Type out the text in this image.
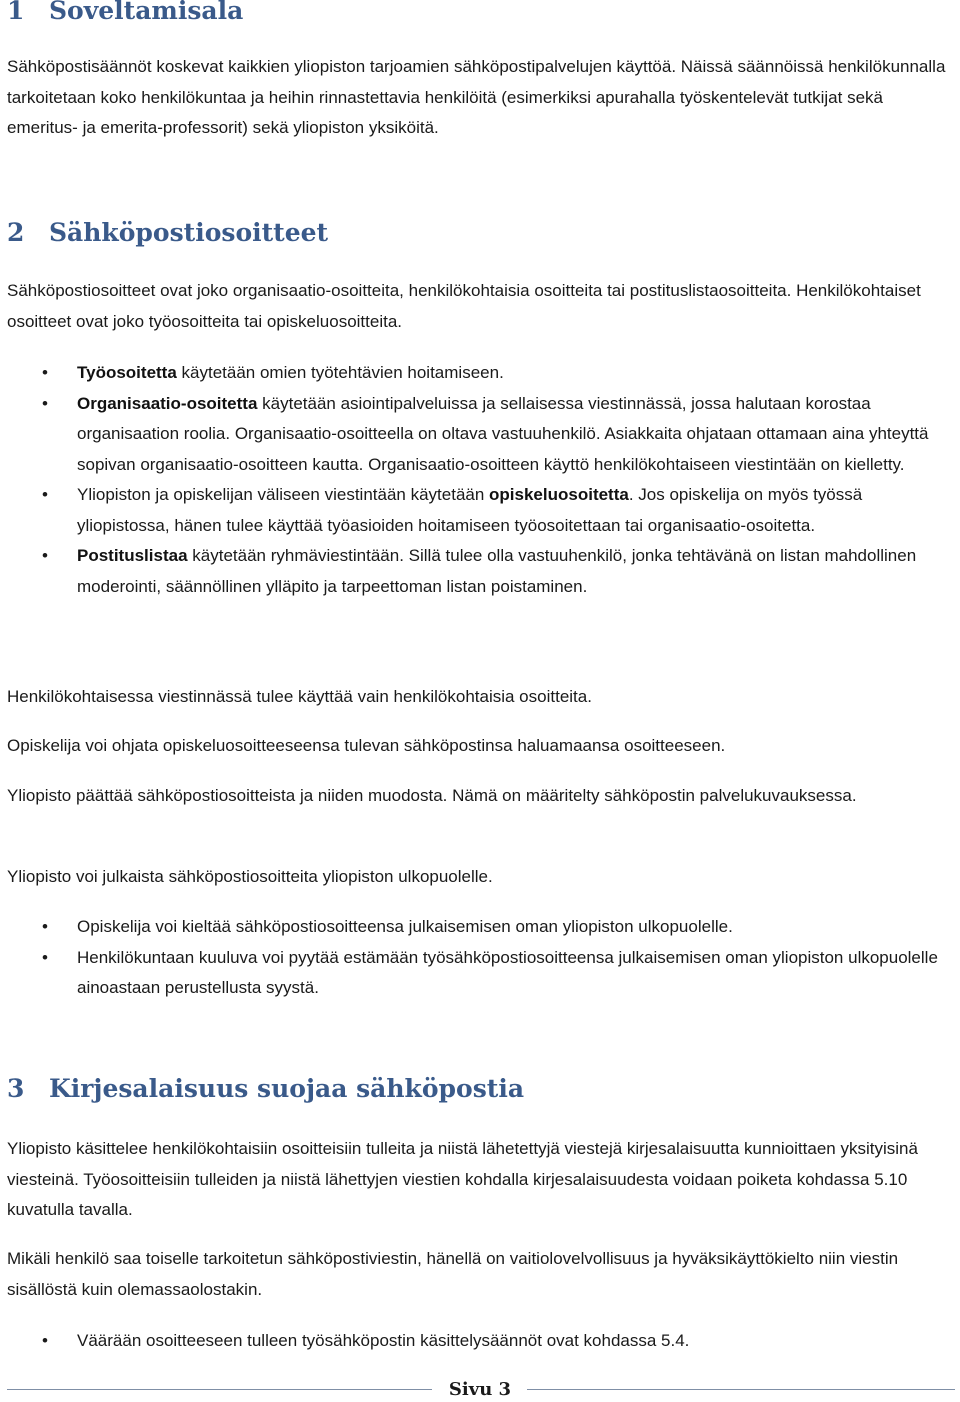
1 Soveltamisala

Sähköpostisäännöt koskevat kaikkien yliopiston tarjoamien sähköpostipalvelujen käyttöä. Näissä säännöissä henkilökunnalla tarkoitetaan koko henkilökuntaa ja heihin rinnastettavia henkilöitä (esimerkiksi apurahalla työskentelevät tutkijat sekä emeritus- ja emerita-professorit) sekä yliopiston yksiköitä.

2 Sähköpostiosoitteet

Sähköpostiosoitteet ovat joko organisaatio-osoitteita, henkilökohtaisia osoitteita tai postituslistaosoitteita. Henkilökohtaiset osoitteet ovat joko työosoitteita tai opiskeluosoitteita.

• Työosoitetta käytetään omien työtehtävien hoitamiseen.
• Organisaatio-osoitetta käytetään asiointipalveluissa ja sellaisessa viestinnässä, jossa halutaan korostaa organisaation roolia. Organisaatio-osoitteella on oltava vastuuhenkilö. Asiakkaita ohjataan ottamaan aina yhteyttä sopivan organisaatio-osoitteen kautta. Organisaatio-osoitteen käyttö henkilökohtaiseen viestintään on kielletty.
• Yliopiston ja opiskelijan väliseen viestintään käytetään opiskeluosoitetta. Jos opiskelija on myös työssä yliopistossa, hänen tulee käyttää työasioiden hoitamiseen työosoitettaan tai organisaatio-osoitetta.
• Postituslistaa käytetään ryhmäviestintään. Sillä tulee olla vastuuhenkilö, jonka tehtävänä on listan mahdollinen moderointi, säännöllinen ylläpito ja tarpeettoman listan poistaminen.

Henkilökohtaisessa viestinnässä tulee käyttää vain henkilökohtaisia osoitteita.

Opiskelija voi ohjata opiskeluosoitteeseensa tulevan sähköpostinsa haluamaansa osoitteeseen.

Yliopisto päättää sähköpostiosoitteista ja niiden muodosta. Nämä on määritelty sähköpostin palvelukuvauksessa.

Yliopisto voi julkaista sähköpostiosoitteita yliopiston ulkopuolelle.

• Opiskelija voi kieltää sähköpostiosoitteensa julkaisemisen oman yliopiston ulkopuolelle.
• Henkilökuntaan kuuluva voi pyytää estämään työsähköpostiosoitteensa julkaisemisen oman yliopiston ulkopuolelle ainoastaan perustellusta syystä.
3 Kirjesalaisuus suojaa sähköpostia

Yliopisto käsittelee henkilökohtaisiin osoitteisiin tulleita ja niistä lähetettyjä viestejä kirjesalaisuutta kunnioittaen yksityisinä viesteinä. Työosoitteisiin tulleiden ja niistä lähettyjen viestien kohdalla kirjesalaisuudesta voidaan poiketa kohdassa 5.10 kuvatulla tavalla.

Mikäli henkilö saa toiselle tarkoitetun sähköpostiviestin, hänellä on vaitiolovelvollisuus ja hyväksikäyttökielto niin viestin sisällöstä kuin olemassaolostakin.

• Väärään osoitteeseen tulleen työsähköpostin käsittelysäännöt ovat kohdassa 5.4.
Sivu 3
